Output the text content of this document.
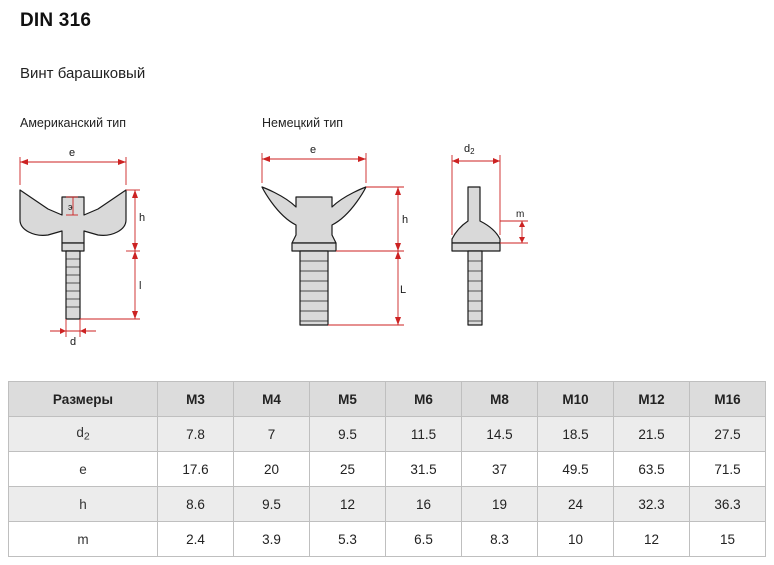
DIN 316
Винт барашковый
Американский тип	Немецкий тип
e
h
l
э
d
e
h
L
d2
m
Размеры	M3	M4	M5	M6	M8	M10	M12	M16
$d_2$	7.8	7	9.5	11.5	14.5	18.5	21.5	27.5
e	17.6	20	25	31.5	37	49.5	63.5	71.5
h	8.6	9.5	12	16	19	24	32.3	36.3
m	2.4	3.9	5.3	6.5	8.3	10	12	15
